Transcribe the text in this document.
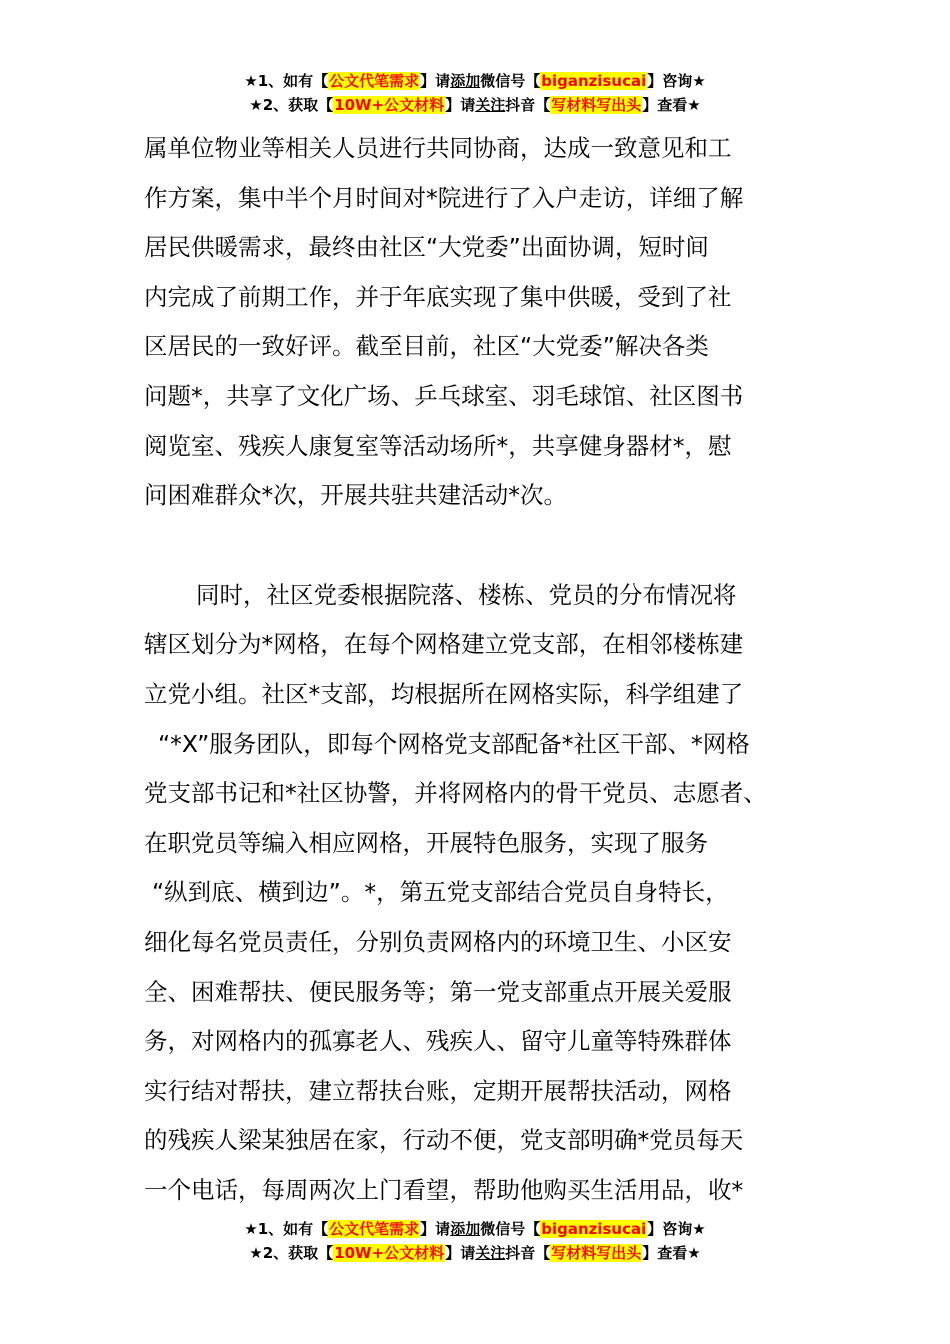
★1、如有【公文代笔需求】请添加微信号【biganzisucai】咨询★
★2、获取【10W+公文材料】请关注抖音【写材料写出头】查看★
属单位物业等相关人员进行共同协商，达成一致意见和工
作方案，集中半个月时间对*院进行了入户走访，详细了解
居民供暖需求，最终由社区“大党委”出面协调，短时间
内完成了前期工作，并于年底实现了集中供暖，受到了社
区居民的一致好评。截至目前，社区“大党委”解决各类
问题*，共享了文化广场、乒乓球室、羽毛球馆、社区图书
阅览室、残疾人康复室等活动场所*，共享健身器材*，慰
问困难群众*次，开展共驻共建活动*次。
同时，社区党委根据院落、楼栋、党员的分布情况将
辖区划分为*网格，在每个网格建立党支部，在相邻楼栋建
立党小组。社区*支部，均根据所在网格实际，科学组建了
“*X”服务团队，即每个网格党支部配备*社区干部、*网格
党支部书记和*社区协警，并将网格内的骨干党员、志愿者、
在职党员等编入相应网格，开展特色服务，实现了服务
“纵到底、横到边”。*，第五党支部结合党员自身特长，
细化每名党员责任，分别负责网格内的环境卫生、小区安
全、困难帮扶、便民服务等；第一党支部重点开展关爱服
务，对网格内的孤寡老人、残疾人、留守儿童等特殊群体
实行结对帮扶，建立帮扶台账，定期开展帮扶活动，网格
的残疾人梁某独居在家，行动不便，党支部明确*党员每天
一个电话，每周两次上门看望，帮助他购买生活用品，收*
★1、如有【公文代笔需求】请添加微信号【biganzisucai】咨询★
★2、获取【10W+公文材料】请关注抖音【写材料写出头】查看★
